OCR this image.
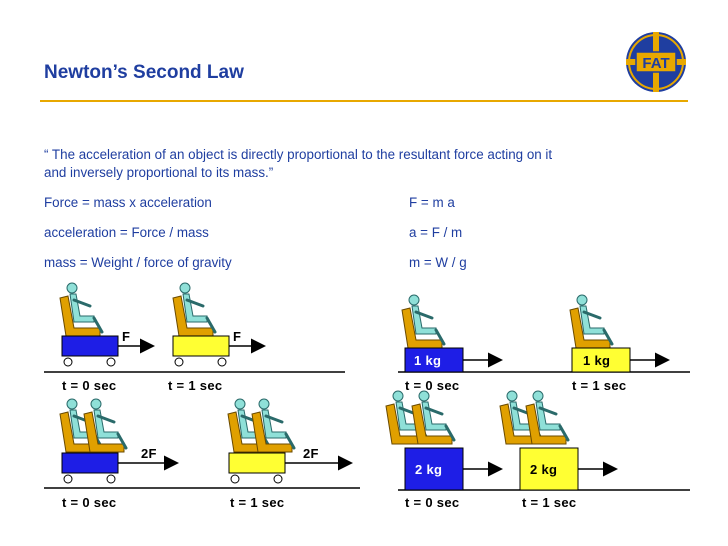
Newton’s Second Law	FAT
“ The acceleration of an object is directly proportional to the resultant force acting on it
and inversely proportional to its mass.”
Force = mass x acceleration	F = m a
acceleration = Force / mass	a = F / m
mass = Weight / force of gravity	m = W / g
F	F
2F	2F
1 kg	1 kg
2 kg	2 kg
t = 0 sec	t = 1 sec
t = 0 sec	t = 1 sec
t = 0 sec	t = 1 sec
t = 0 sec	t = 1 sec
